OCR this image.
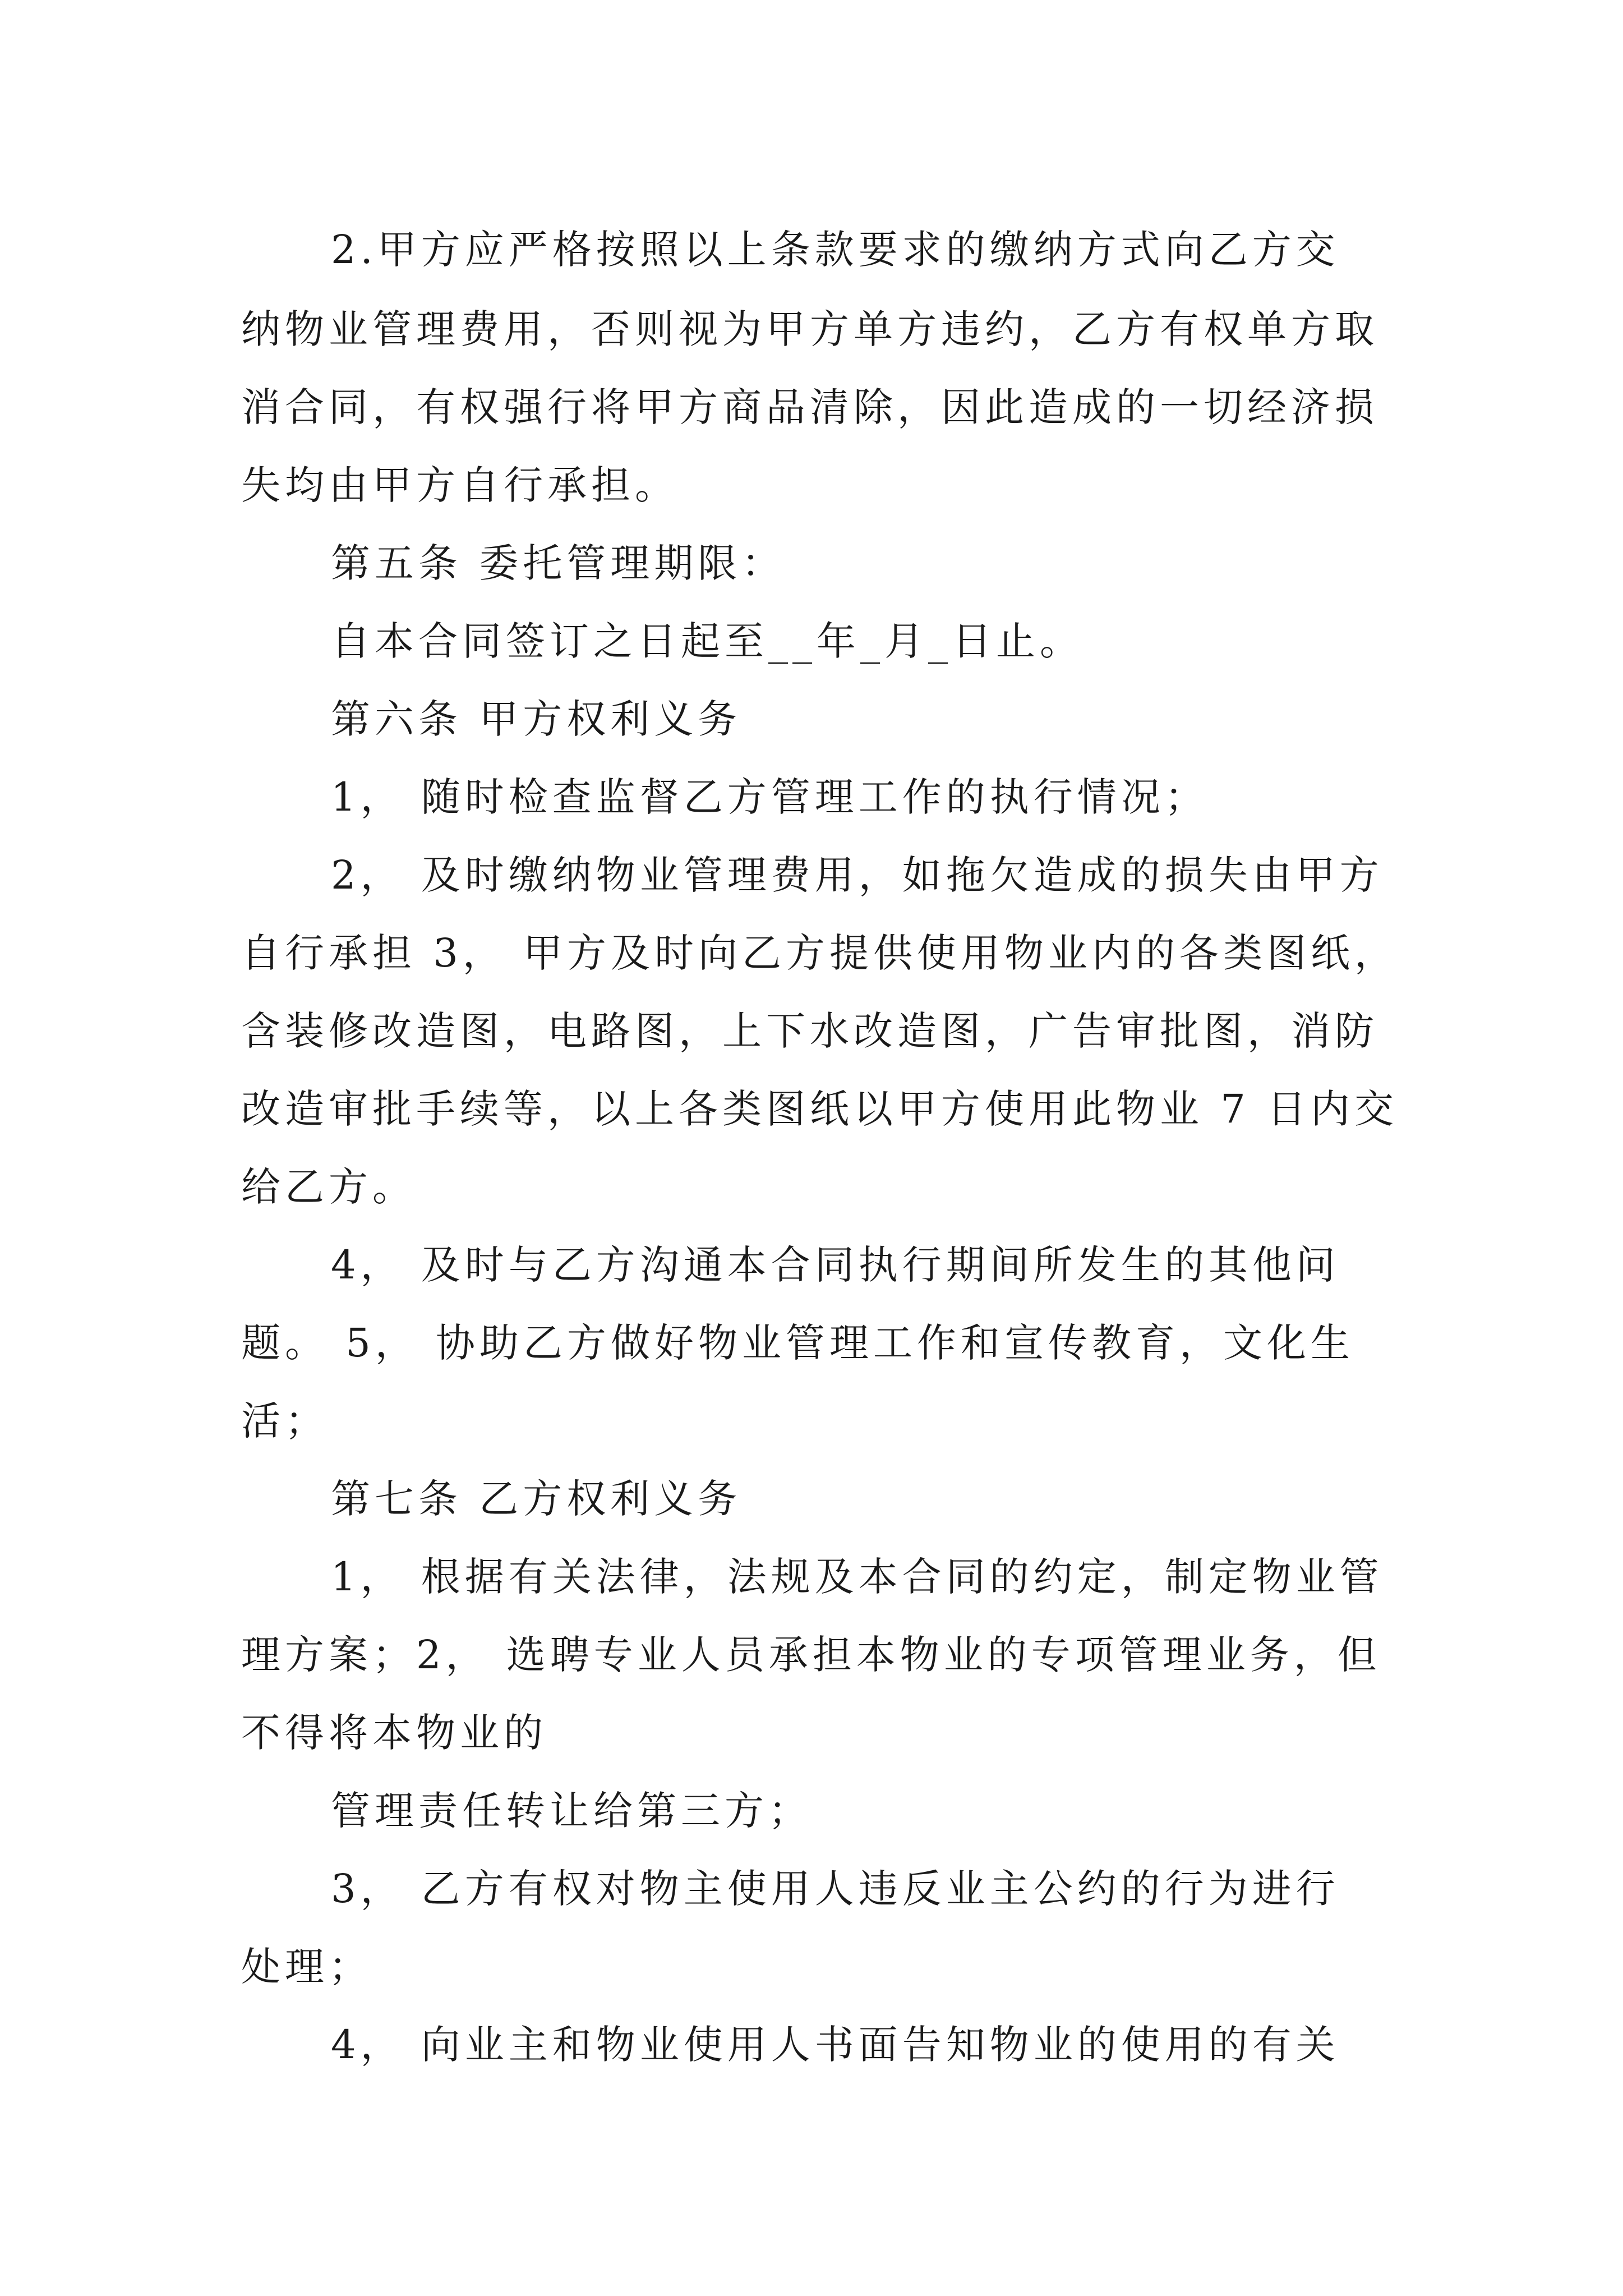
2.甲方应严格按照以上条款要求的缴纳方式向乙方交

纳物业管理费用，否则视为甲方单方违约，乙方有权单方取

消合同，有权强行将甲方商品清除，因此造成的一切经济损

失均由甲方自行承担。

第五条 委托管理期限：

自本合同签订之日起至__年_月_日止。

第六条 甲方权利义务

1， 随时检查监督乙方管理工作的执行情况；

2， 及时缴纳物业管理费用，如拖欠造成的损失由甲方

自行承担 3， 甲方及时向乙方提供使用物业内的各类图纸，

含装修改造图，电路图，上下水改造图，广告审批图，消防

改造审批手续等，以上各类图纸以甲方使用此物业 7 日内交

给乙方。

4， 及时与乙方沟通本合同执行期间所发生的其他问

题。 5， 协助乙方做好物业管理工作和宣传教育，文化生

活；

第七条 乙方权利义务

1， 根据有关法律，法规及本合同的约定，制定物业管

理方案；2， 选聘专业人员承担本物业的专项管理业务，但

不得将本物业的

管理责任转让给第三方；

3， 乙方有权对物主使用人违反业主公约的行为进行

处理；

4， 向业主和物业使用人书面告知物业的使用的有关
